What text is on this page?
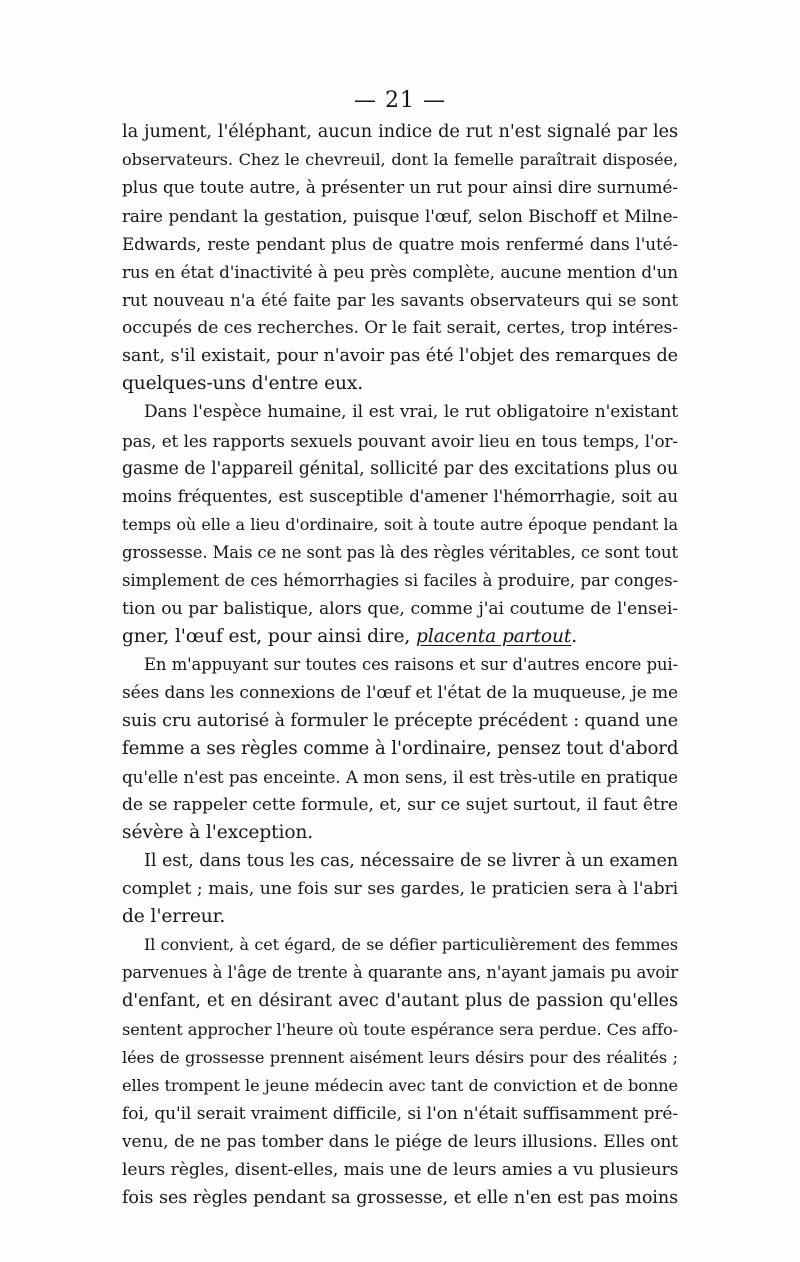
— 21 —
la jument, l'éléphant, aucun indice de rut n'est signalé par les
observateurs. Chez le chevreuil, dont la femelle paraîtrait disposée,
plus que toute autre, à présenter un rut pour ainsi dire surnumé-
raire pendant la gestation, puisque l'œuf, selon Bischoff et Milne-
Edwards, reste pendant plus de quatre mois renfermé dans l'uté-
rus en état d'inactivité à peu près complète, aucune mention d'un
rut nouveau n'a été faite par les savants observateurs qui se sont
occupés de ces recherches. Or le fait serait, certes, trop intéres-
sant, s'il existait, pour n'avoir pas été l'objet des remarques de
quelques-uns d'entre eux.
Dans l'espèce humaine, il est vrai, le rut obligatoire n'existant
pas, et les rapports sexuels pouvant avoir lieu en tous temps, l'or-
gasme de l'appareil génital, sollicité par des excitations plus ou
moins fréquentes, est susceptible d'amener l'hémorrhagie, soit au
temps où elle a lieu d'ordinaire, soit à toute autre époque pendant la
grossesse. Mais ce ne sont pas là des règles véritables, ce sont tout
simplement de ces hémorrhagies si faciles à produire, par conges-
tion ou par balistique, alors que, comme j'ai coutume de l'ensei-
gner, l'œuf est, pour ainsi dire, placenta partout.
En m'appuyant sur toutes ces raisons et sur d'autres encore pui-
sées dans les connexions de l'œuf et l'état de la muqueuse, je me
suis cru autorisé à formuler le précepte précédent : quand une
femme a ses règles comme à l'ordinaire, pensez tout d'abord
qu'elle n'est pas enceinte. A mon sens, il est très-utile en pratique
de se rappeler cette formule, et, sur ce sujet surtout, il faut être
sévère à l'exception.
Il est, dans tous les cas, nécessaire de se livrer à un examen
complet ; mais, une fois sur ses gardes, le praticien sera à l'abri
de l'erreur.
Il convient, à cet égard, de se défier particulièrement des femmes
parvenues à l'âge de trente à quarante ans, n'ayant jamais pu avoir
d'enfant, et en désirant avec d'autant plus de passion qu'elles
sentent approcher l'heure où toute espérance sera perdue. Ces affo-
lées de grossesse prennent aisément leurs désirs pour des réalités ;
elles trompent le jeune médecin avec tant de conviction et de bonne
foi, qu'il serait vraiment difficile, si l'on n'était suffisamment pré-
venu, de ne pas tomber dans le piége de leurs illusions. Elles ont
leurs règles, disent-elles, mais une de leurs amies a vu plusieurs
fois ses règles pendant sa grossesse, et elle n'en est pas moins
